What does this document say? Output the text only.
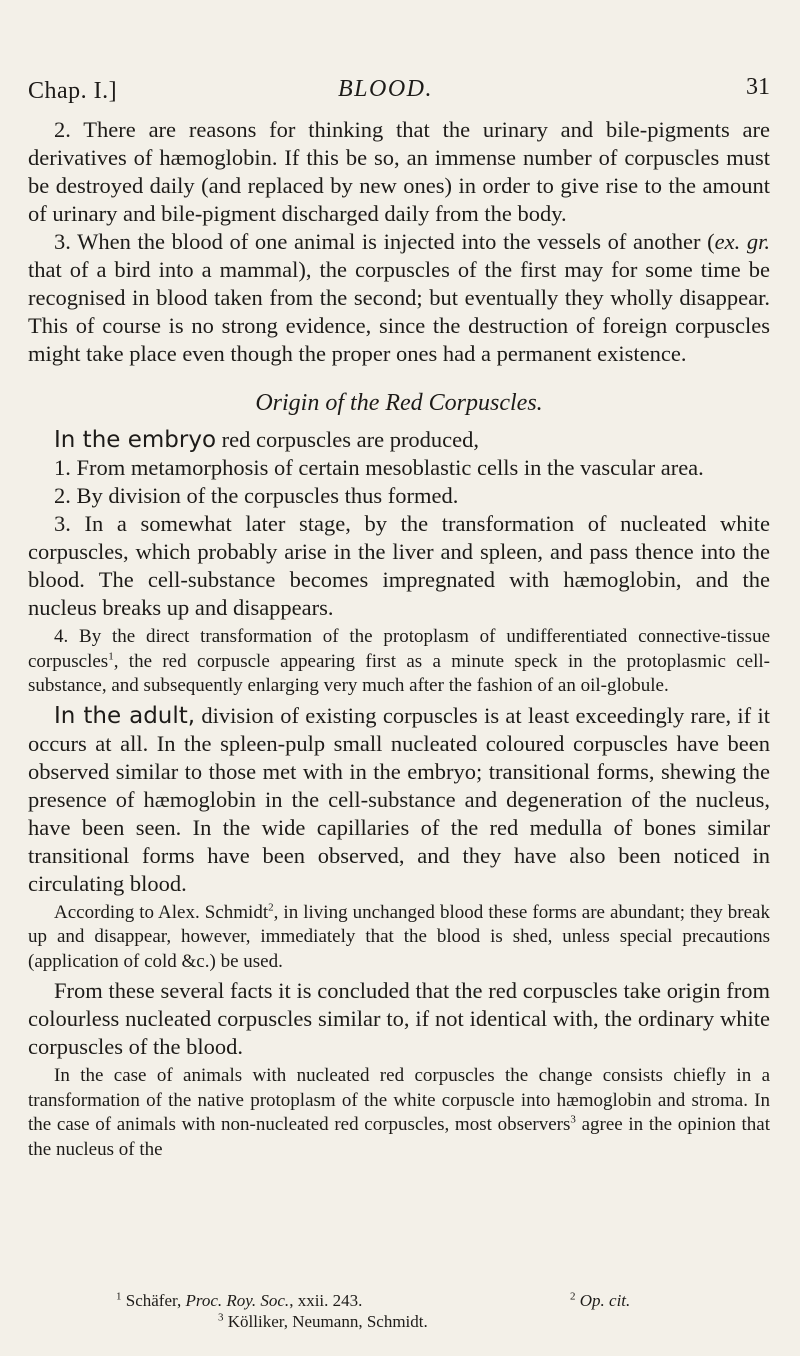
Chap. I.]	BLOOD.	31

2. There are reasons for thinking that the urinary and bile-pigments are derivatives of hæmoglobin. If this be so, an immense number of corpuscles must be destroyed daily (and replaced by new ones) in order to give rise to the amount of urinary and bile-pigment discharged daily from the body.

3. When the blood of one animal is injected into the vessels of another (ex. gr. that of a bird into a mammal), the corpuscles of the first may for some time be recognised in blood taken from the second; but eventually they wholly disappear. This of course is no strong evidence, since the destruction of foreign corpuscles might take place even though the proper ones had a permanent existence.

Origin of the Red Corpuscles.

In the embryo red corpuscles are produced,

1. From metamorphosis of certain mesoblastic cells in the vascular area.

2. By division of the corpuscles thus formed.

3. In a somewhat later stage, by the transformation of nucleated white corpuscles, which probably arise in the liver and spleen, and pass thence into the blood. The cell-substance becomes impregnated with hæmoglobin, and the nucleus breaks up and disappears.

4. By the direct transformation of the protoplasm of undifferentiated connective-tissue corpuscles$^1$, the red corpuscle appearing first as a minute speck in the protoplasmic cell-substance, and subsequently enlarging very much after the fashion of an oil-globule.

In the adult, division of existing corpuscles is at least exceedingly rare, if it occurs at all. In the spleen-pulp small nucleated coloured corpuscles have been observed similar to those met with in the embryo; transitional forms, shewing the presence of hæmoglobin in the cell-substance and degeneration of the nucleus, have been seen. In the wide capillaries of the red medulla of bones similar transitional forms have been observed, and they have also been noticed in circulating blood.

According to Alex. Schmidt$^2$, in living unchanged blood these forms are abundant; they break up and disappear, however, immediately that the blood is shed, unless special precautions (application of cold &c.) be used.

From these several facts it is concluded that the red corpuscles take origin from colourless nucleated corpuscles similar to, if not identical with, the ordinary white corpuscles of the blood.

In the case of animals with nucleated red corpuscles the change consists chiefly in a transformation of the native protoplasm of the white corpuscle into hæmoglobin and stroma. In the case of animals with non-nucleated red corpuscles, most observers$^3$ agree in the opinion that the nucleus of the

$^1$ Schäfer, Proc. Roy. Soc., xxii. 243.	$^2$ Op. cit.
$^3$ Kölliker, Neumann, Schmidt.
